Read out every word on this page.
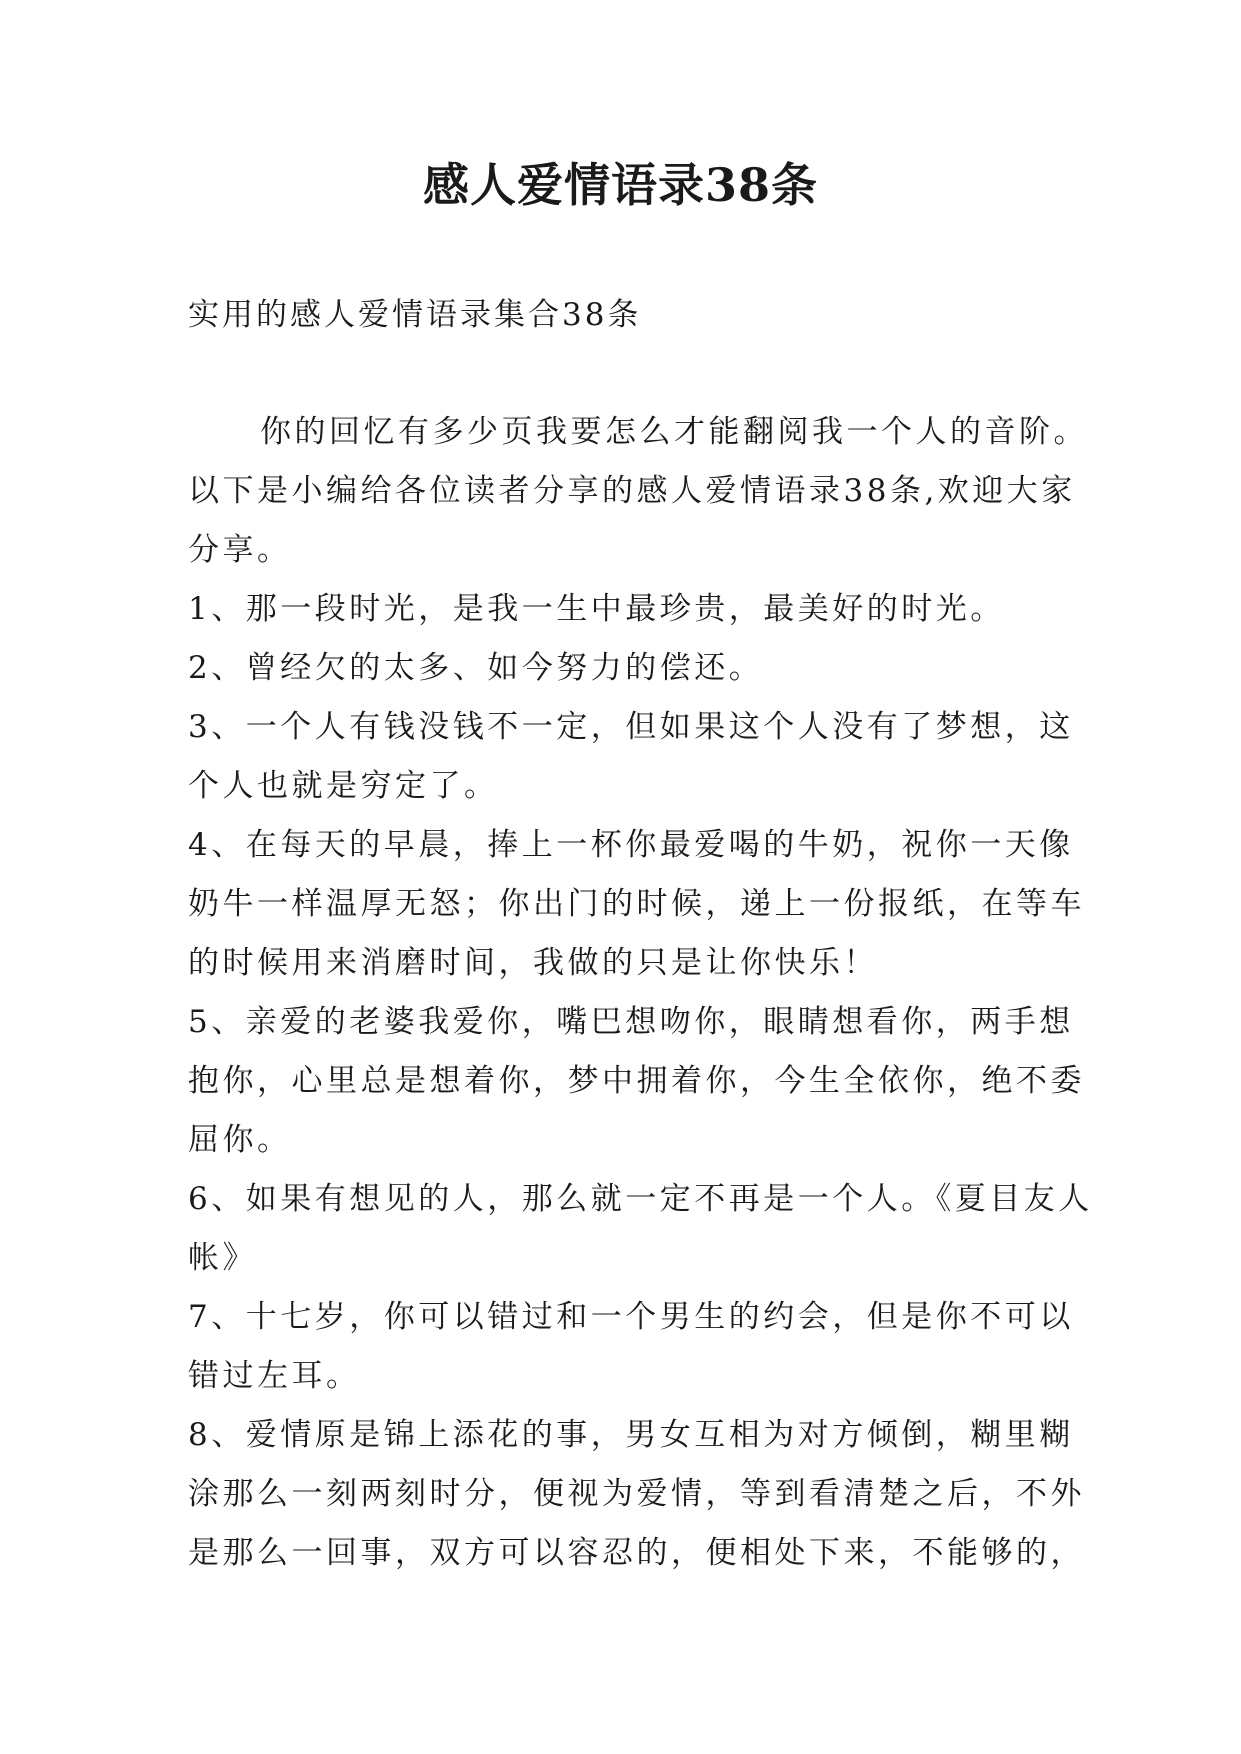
感人爱情语录38条
实用的感人爱情语录集合38条
你的回忆有多少页我要怎么才能翻阅我一个人的音阶。
以下是小编给各位读者分享的感人爱情语录38条,欢迎大家
分享。
1、那一段时光，是我一生中最珍贵，最美好的时光。
2、曾经欠的太多、如今努力的偿还。
3、一个人有钱没钱不一定，但如果这个人没有了梦想，这
个人也就是穷定了。
4、在每天的早晨，捧上一杯你最爱喝的牛奶，祝你一天像
奶牛一样温厚无怒；你出门的时候，递上一份报纸，在等车
的时候用来消磨时间，我做的只是让你快乐！
5、亲爱的老婆我爱你，嘴巴想吻你，眼睛想看你，两手想
抱你，心里总是想着你，梦中拥着你，今生全依你，绝不委
屈你。
6、如果有想见的人，那么就一定不再是一个人。《夏目友人
帐》
7、十七岁，你可以错过和一个男生的约会，但是你不可以
错过左耳。
8、爱情原是锦上添花的事，男女互相为对方倾倒，糊里糊
涂那么一刻两刻时分，便视为爱情，等到看清楚之后，不外
是那么一回事，双方可以容忍的，便相处下来，不能够的，
